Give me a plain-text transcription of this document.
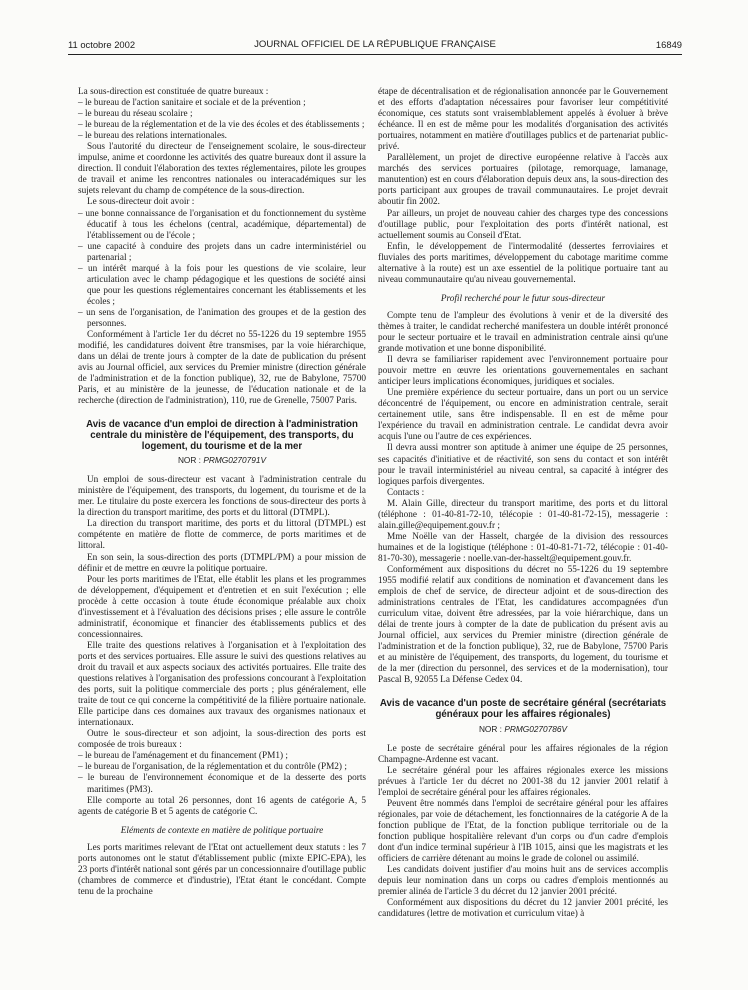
11 octobre 2002	JOURNAL OFFICIEL DE LA RÉPUBLIQUE FRANÇAISE	16849

La sous-direction est constituée de quatre bureaux :

– le bureau de l'action sanitaire et sociale et de la prévention ;

– le bureau du réseau scolaire ;

– le bureau de la réglementation et de la vie des écoles et des établissements ;

– le bureau des relations internationales.

Sous l'autorité du directeur de l'enseignement scolaire, le sous-directeur impulse, anime et coordonne les activités des quatre bureaux dont il assure la direction. Il conduit l'élaboration des textes réglementaires, pilote les groupes de travail et anime les rencontres nationales ou interacadémiques sur les sujets relevant du champ de compétence de la sous-direction.

Le sous-directeur doit avoir :

– une bonne connaissance de l'organisation et du fonctionnement du système éducatif à tous les échelons (central, académique, départemental) de l'établissement ou de l'école ;

– une capacité à conduire des projets dans un cadre interministériel ou partenarial ;

– un intérêt marqué à la fois pour les questions de vie scolaire, leur articulation avec le champ pédagogique et les questions de société ainsi que pour les questions réglementaires concernant les établissements et les écoles ;

– un sens de l'organisation, de l'animation des groupes et de la gestion des personnes.

Conformément à l'article 1er du décret no 55-1226 du 19 septembre 1955 modifié, les candidatures doivent être transmises, par la voie hiérarchique, dans un délai de trente jours à compter de la date de publication du présent avis au Journal officiel, aux services du Premier ministre (direction générale de l'administration et de la fonction publique), 32, rue de Babylone, 75700 Paris, et au ministère de la jeunesse, de l'éducation nationale et de la recherche (direction de l'administration), 110, rue de Grenelle, 75007 Paris.

Avis de vacance d'un emploi de direction à l'administration centrale du ministère de l'équipement, des transports, du logement, du tourisme et de la mer
NOR : PRMG0270791V

Un emploi de sous-directeur est vacant à l'administration centrale du ministère de l'équipement, des transports, du logement, du tourisme et de la mer. Le titulaire du poste exercera les fonctions de sous-directeur des ports à la direction du transport maritime, des ports et du littoral (DTMPL).

La direction du transport maritime, des ports et du littoral (DTMPL) est compétente en matière de flotte de commerce, de ports maritimes et de littoral.

En son sein, la sous-direction des ports (DTMPL/PM) a pour mission de définir et de mettre en œuvre la politique portuaire.

Pour les ports maritimes de l'Etat, elle établit les plans et les programmes de développement, d'équipement et d'entretien et en suit l'exécution ; elle procède à cette occasion à toute étude économique préalable aux choix d'investissement et à l'évaluation des décisions prises ; elle assure le contrôle administratif, économique et financier des établissements publics et des concessionnaires.

Elle traite des questions relatives à l'organisation et à l'exploitation des ports et des services portuaires. Elle assure le suivi des questions relatives au droit du travail et aux aspects sociaux des activités portuaires. Elle traite des questions relatives à l'organisation des professions concourant à l'exploitation des ports, suit la politique commerciale des ports ; plus généralement, elle traite de tout ce qui concerne la compétitivité de la filière portuaire nationale. Elle participe dans ces domaines aux travaux des organismes nationaux et internationaux.

Outre le sous-directeur et son adjoint, la sous-direction des ports est composée de trois bureaux :

– le bureau de l'aménagement et du financement (PM1) ;

– le bureau de l'organisation, de la réglementation et du contrôle (PM2) ;

– le bureau de l'environnement économique et de la desserte des ports maritimes (PM3).

Elle comporte au total 26 personnes, dont 16 agents de catégorie A, 5 agents de catégorie B et 5 agents de catégorie C.

Eléments de contexte en matière de politique portuaire

Les ports maritimes relevant de l'Etat ont actuellement deux statuts : les 7 ports autonomes ont le statut d'établissement public (mixte EPIC-EPA), les 23 ports d'intérêt national sont gérés par un concessionnaire d'outillage public (chambres de commerce et d'industrie), l'Etat étant le concédant. Compte tenu de la prochaine

étape de décentralisation et de régionalisation annoncée par le Gouvernement et des efforts d'adaptation nécessaires pour favoriser leur compétitivité économique, ces statuts sont vraisemblablement appelés à évoluer à brève échéance. Il en est de même pour les modalités d'organisation des activités portuaires, notamment en matière d'outillages publics et de partenariat public-privé.

Parallèlement, un projet de directive européenne relative à l'accès aux marchés des services portuaires (pilotage, remorquage, lamanage, manutention) est en cours d'élaboration depuis deux ans, la sous-direction des ports participant aux groupes de travail communautaires. Le projet devrait aboutir fin 2002.

Par ailleurs, un projet de nouveau cahier des charges type des concessions d'outillage public, pour l'exploitation des ports d'intérêt national, est actuellement soumis au Conseil d'Etat.

Enfin, le développement de l'intermodalité (dessertes ferroviaires et fluviales des ports maritimes, développement du cabotage maritime comme alternative à la route) est un axe essentiel de la politique portuaire tant au niveau communautaire qu'au niveau gouvernemental.

Profil recherché pour le futur sous-directeur

Compte tenu de l'ampleur des évolutions à venir et de la diversité des thèmes à traiter, le candidat recherché manifestera un double intérêt prononcé pour le secteur portuaire et le travail en administration centrale ainsi qu'une grande motivation et une bonne disponibilité.

Il devra se familiariser rapidement avec l'environnement portuaire pour pouvoir mettre en œuvre les orientations gouvernementales en sachant anticiper leurs implications économiques, juridiques et sociales.

Une première expérience du secteur portuaire, dans un port ou un service déconcentré de l'équipement, ou encore en administration centrale, serait certainement utile, sans être indispensable. Il en est de même pour l'expérience du travail en administration centrale. Le candidat devra avoir acquis l'une ou l'autre de ces expériences.

Il devra aussi montrer son aptitude à animer une équipe de 25 personnes, ses capacités d'initiative et de réactivité, son sens du contact et son intérêt pour le travail interministériel au niveau central, sa capacité à intégrer des logiques parfois divergentes.

Contacts :

M. Alain Gille, directeur du transport maritime, des ports et du littoral (téléphone : 01-40-81-72-10, télécopie : 01-40-81-72-15), messagerie : alain.gille@equipement.gouv.fr ;

Mme Noëlle van der Hasselt, chargée de la division des ressources humaines et de la logistique (téléphone : 01-40-81-71-72, télécopie : 01-40-81-70-30), messagerie : noelle.van-der-hasselt@equipement.gouv.fr.

Conformément aux dispositions du décret no 55-1226 du 19 septembre 1955 modifié relatif aux conditions de nomination et d'avancement dans les emplois de chef de service, de directeur adjoint et de sous-direction des administrations centrales de l'Etat, les candidatures accompagnées d'un curriculum vitae, doivent être adressées, par la voie hiérarchique, dans un délai de trente jours à compter de la date de publication du présent avis au Journal officiel, aux services du Premier ministre (direction générale de l'administration et de la fonction publique), 32, rue de Babylone, 75700 Paris et au ministère de l'équipement, des transports, du logement, du tourisme et de la mer (direction du personnel, des services et de la modernisation), tour Pascal B, 92055 La Défense Cedex 04.

Avis de vacance d'un poste de secrétaire général (secrétariats généraux pour les affaires régionales)
NOR : PRMG0270786V

Le poste de secrétaire général pour les affaires régionales de la région Champagne-Ardenne est vacant.

Le secrétaire général pour les affaires régionales exerce les missions prévues à l'article 1er du décret no 2001-38 du 12 janvier 2001 relatif à l'emploi de secrétaire général pour les affaires régionales.

Peuvent être nommés dans l'emploi de secrétaire général pour les affaires régionales, par voie de détachement, les fonctionnaires de la catégorie A de la fonction publique de l'Etat, de la fonction publique territoriale ou de la fonction publique hospitalière relevant d'un corps ou d'un cadre d'emplois dont d'un indice terminal supérieur à l'IB 1015, ainsi que les magistrats et les officiers de carrière détenant au moins le grade de colonel ou assimilé.

Les candidats doivent justifier d'au moins huit ans de services accomplis depuis leur nomination dans un corps ou cadres d'emplois mentionnés au premier alinéa de l'article 3 du décret du 12 janvier 2001 précité.

Conformément aux dispositions du décret du 12 janvier 2001 précité, les candidatures (lettre de motivation et curriculum vitae) à
